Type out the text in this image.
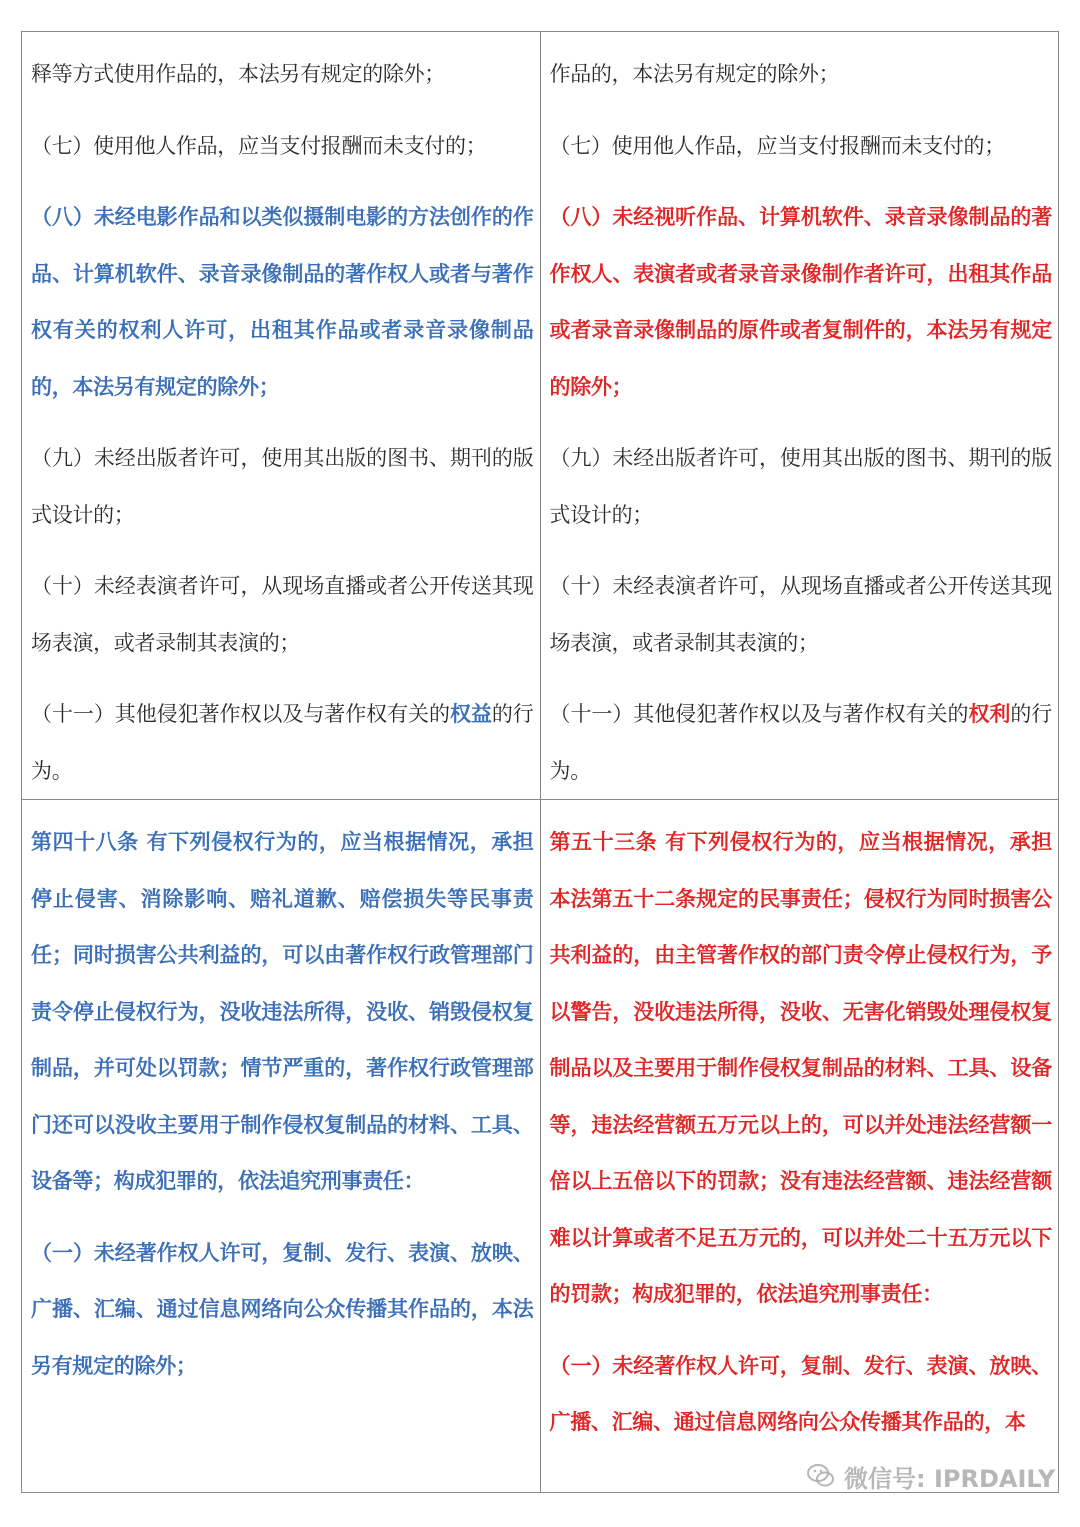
释等方式使用作品的，本法另有规定的除外；

（七）使用他人作品，应当支付报酬而未支付的；

（八）未经电影作品和以类似摄制电影的方法创作的作品、计算机软件、录音录像制品的著作权人或者与著作权有关的权利人许可，出租其作品或者录音录像制品的，本法另有规定的除外；

（九）未经出版者许可，使用其出版的图书、期刊的版式设计的；

（十）未经表演者许可，从现场直播或者公开传送其现场表演，或者录制其表演的；

（十一）其他侵犯著作权以及与著作权有关的权益的行为。

作品的，本法另有规定的除外；

（七）使用他人作品，应当支付报酬而未支付的；

（八）未经视听作品、计算机软件、录音录像制品的著作权人、表演者或者录音录像制作者许可，出租其作品或者录音录像制品的原件或者复制件的，本法另有规定的除外；

（九）未经出版者许可，使用其出版的图书、期刊的版式设计的；

（十）未经表演者许可，从现场直播或者公开传送其现场表演，或者录制其表演的；

（十一）其他侵犯著作权以及与著作权有关的权利的行为。

第四十八条 有下列侵权行为的，应当根据情况，承担停止侵害、消除影响、赔礼道歉、赔偿损失等民事责任；同时损害公共利益的，可以由著作权行政管理部门责令停止侵权行为，没收违法所得，没收、销毁侵权复制品，并可处以罚款；情节严重的，著作权行政管理部门还可以没收主要用于制作侵权复制品的材料、工具、设备等；构成犯罪的，依法追究刑事责任：

（一）未经著作权人许可，复制、发行、表演、放映、广播、汇编、通过信息网络向公众传播其作品的，本法另有规定的除外；

第五十三条 有下列侵权行为的，应当根据情况，承担本法第五十二条规定的民事责任；侵权行为同时损害公共利益的，由主管著作权的部门责令停止侵权行为，予以警告，没收违法所得，没收、无害化销毁处理侵权复制品以及主要用于制作侵权复制品的材料、工具、设备等，违法经营额五万元以上的，可以并处违法经营额一倍以上五倍以下的罚款；没有违法经营额、违法经营额难以计算或者不足五万元的，可以并处二十五万元以下的罚款；构成犯罪的，依法追究刑事责任：

（一）未经著作权人许可，复制、发行、表演、放映、广播、汇编、通过信息网络向公众传播其作品的，本

微信号: IPRDAILY
